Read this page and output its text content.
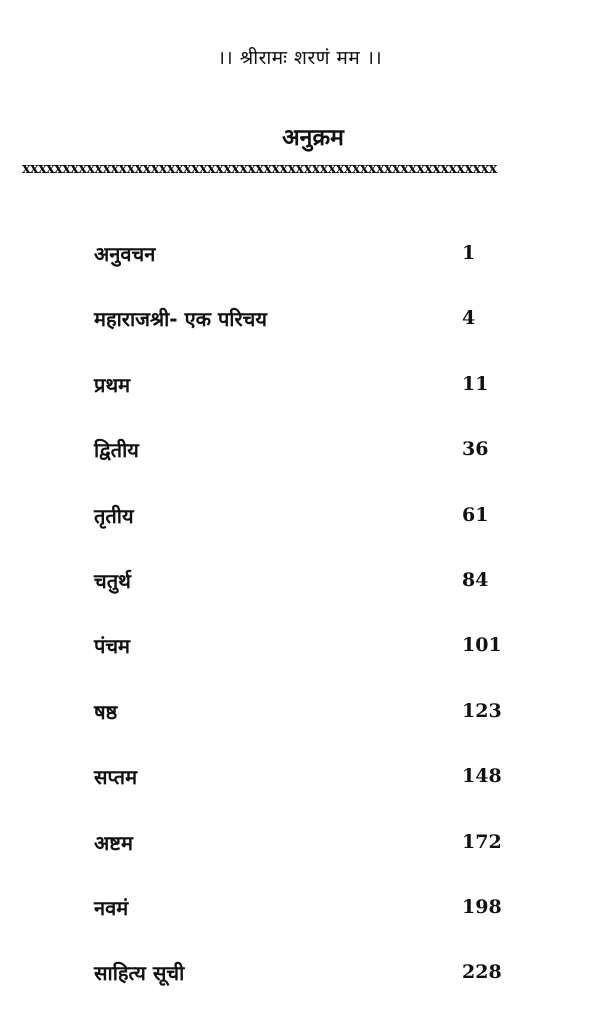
।। श्रीरामः शरणं मम ।।
अनुक्रम
xxxxxxxxxxxxxxxxxxxxxxxxxxxxxxxxxxxxxxxxxxxxxxxxxxxxxxxxxxx
अनुवचन	1
महाराजश्री- एक परिचय	4
प्रथम	11
द्वितीय	36
तृतीय	61
चतुर्थ	84
पंचम	101
षष्ठ	123
सप्तम	148
अष्टम	172
नवमं	198
साहित्य सूची	228
